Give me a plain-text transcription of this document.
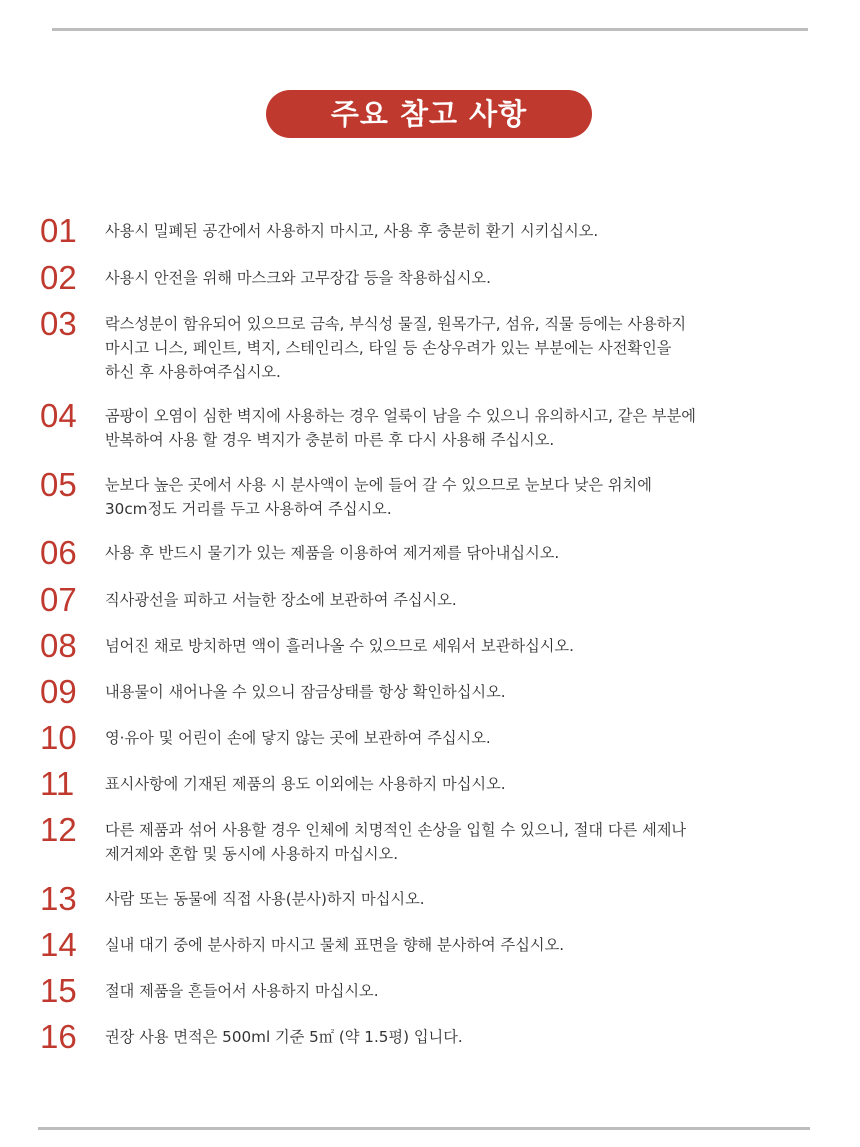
주요 참고 사항
01	사용시 밀폐된 공간에서 사용하지 마시고, 사용 후 충분히 환기 시키십시오.
02	사용시 안전을 위해 마스크와 고무장갑 등을 착용하십시오.
03	락스성분이 함유되어 있으므로 금속, 부식성 물질, 원목가구, 섬유, 직물 등에는 사용하지
마시고 니스, 페인트, 벽지, 스테인리스, 타일 등 손상우려가 있는 부분에는 사전확인을
하신 후 사용하여주십시오.
04	곰팡이 오염이 심한 벽지에 사용하는 경우 얼룩이 남을 수 있으니 유의하시고, 같은 부분에
반복하여 사용 할 경우 벽지가 충분히 마른 후 다시 사용해 주십시오.
05	눈보다 높은 곳에서 사용 시 분사액이 눈에 들어 갈 수 있으므로 눈보다 낮은 위치에
30cm정도 거리를 두고 사용하여 주십시오.
06	사용 후 반드시 물기가 있는 제품을 이용하여 제거제를 닦아내십시오.
07	직사광선을 피하고 서늘한 장소에 보관하여 주십시오.
08	넘어진 채로 방치하면 액이 흘러나올 수 있으므로 세워서 보관하십시오.
09	내용물이 새어나올 수 있으니 잠금상태를 항상 확인하십시오.
10	영·유아 및 어린이 손에 닿지 않는 곳에 보관하여 주십시오.
11	표시사항에 기재된 제품의 용도 이외에는 사용하지 마십시오.
12	다른 제품과 섞어 사용할 경우 인체에 치명적인 손상을 입힐 수 있으니, 절대 다른 세제나
제거제와 혼합 및 동시에 사용하지 마십시오.
13	사람 또는 동물에 직접 사용(분사)하지 마십시오.
14	실내 대기 중에 분사하지 마시고 물체 표면을 향해 분사하여 주십시오.
15	절대 제품을 흔들어서 사용하지 마십시오.
16	권장 사용 면적은 500ml 기준 5㎡ (약 1.5평) 입니다.
